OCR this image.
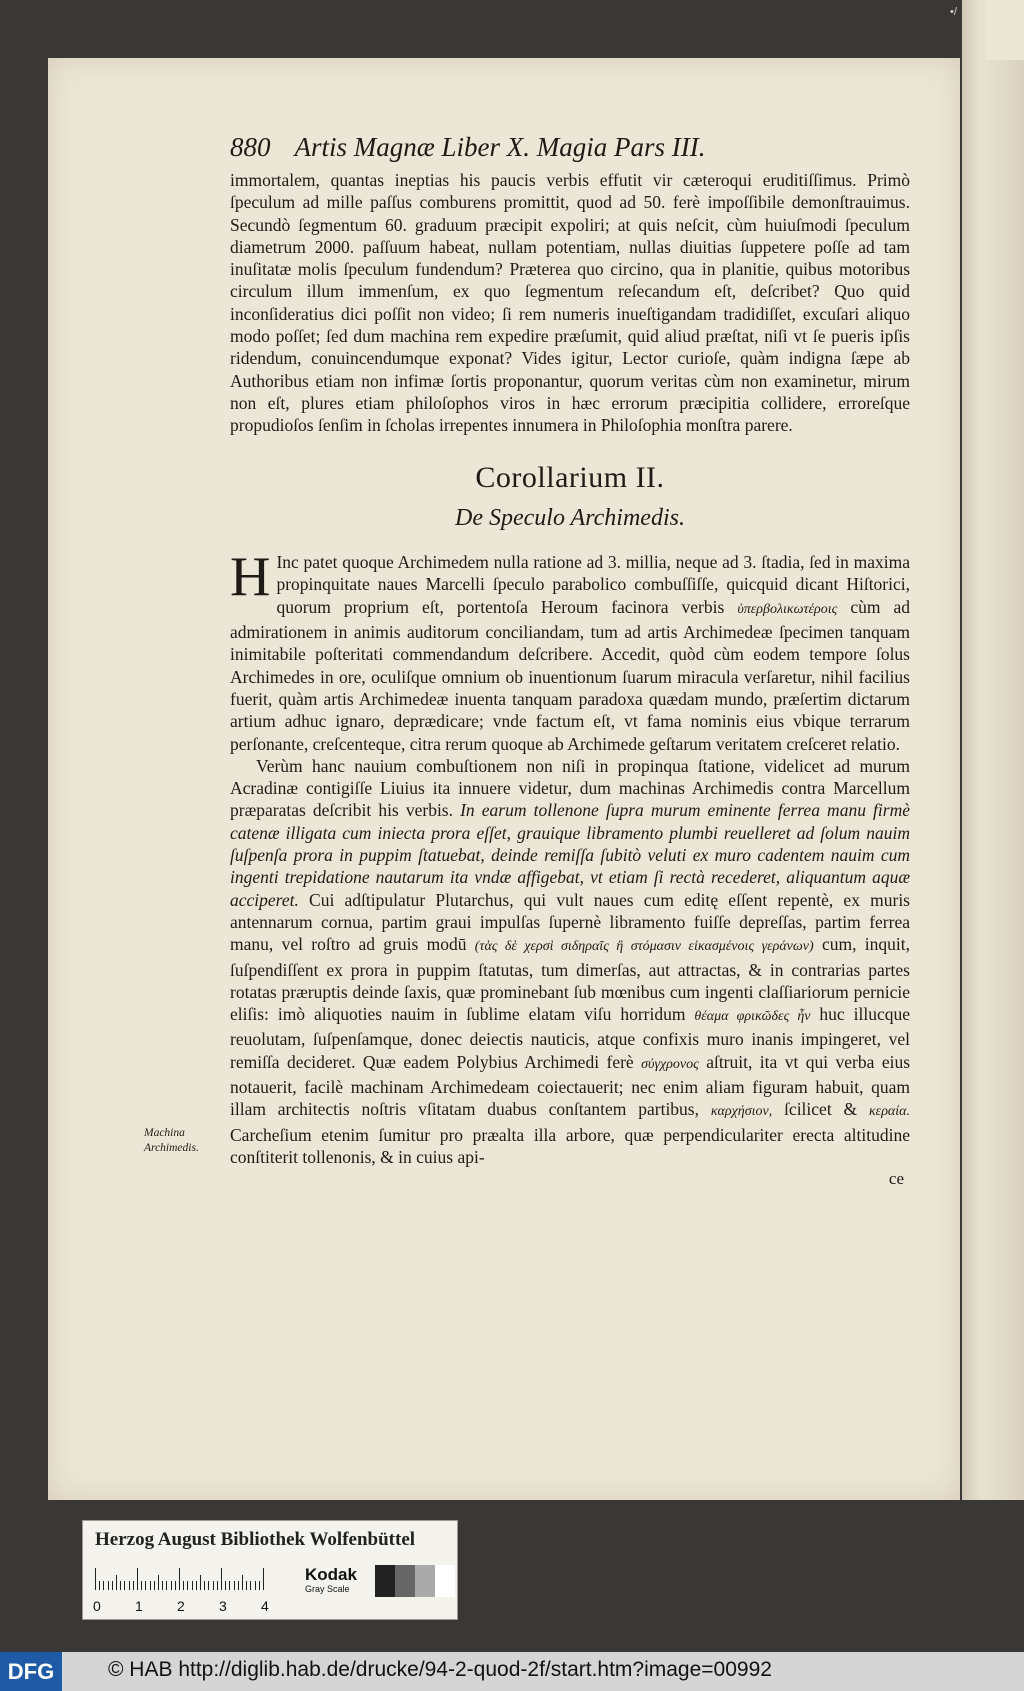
•/
Machina Archimedis.
880 Artis Magnæ Liber X. Magia Pars III.

immortalem, quantas ineptias his paucis verbis effutit vir cæteroqui eruditiſſimus. Primò ſpeculum ad mille paſſus comburens promittit, quod ad 50. ferè impoſſibile demonſtrauimus. Secundò ſegmentum 60. graduum præcipit expoliri; at quis neſcit, cùm huiuſmodi ſpeculum diametrum 2000. paſſuum habeat, nullam potentiam, nullas diuitias ſuppetere poſſe ad tam inuſitatæ molis ſpeculum fundendum? Præterea quo circino, qua in planitie, quibus motoribus circulum illum immenſum, ex quo ſegmentum reſecandum eſt, deſcribet? Quo quid inconſideratius dici poſſit non video; ſi rem numeris inueſtigandam tradidiſſet, excuſari aliquo modo poſſet; ſed dum machina rem expedire præſumit, quid aliud præſtat, niſi vt ſe pueris ipſis ridendum, conuincendumque exponat? Vides igitur, Lector curioſe, quàm indigna ſæpe ab Authoribus etiam non infimæ ſortis proponantur, quorum veritas cùm non examinetur, mirum non eſt, plures etiam philoſophos viros in hæc errorum præcipitia collidere, erroreſque propudioſos ſenſim in ſcholas irrepentes innumera in Philoſophia monſtra parere.

Corollarium II.
De Speculo Archimedis.

H Inc patet quoque Archimedem nulla ratione ad 3. millia, neque ad 3. ſtadia, ſed in maxima propinquitate naues Marcelli ſpeculo parabolico combuſſiſſe, quicquid dicant Hiſtorici, quorum proprium eſt, portentoſa Heroum facinora verbis ὑπερβολικωτέροις cùm ad admirationem in animis auditorum conciliandam, tum ad artis Archimedeæ ſpecimen tanquam inimitabile poſteritati commendandum deſcribere. Accedit, quòd cùm eodem tempore ſolus Archimedes in ore, oculiſque omnium ob inuentionum ſuarum miracula verſaretur, nihil facilius fuerit, quàm artis Archimedeæ inuenta tanquam paradoxa quædam mundo, præſertim dictarum artium adhuc ignaro, deprædicare; vnde factum eſt, vt fama nominis eius vbique terrarum perſonante, creſcenteque, citra rerum quoque ab Archimede geſtarum veritatem creſceret relatio.

Verùm hanc nauium combuſtionem non niſi in propinqua ſtatione, videlicet ad murum Acradinæ contigiſſe Liuius ita innuere videtur, dum machinas Archimedis contra Marcellum præparatas deſcribit his verbis. In earum tollenone ſupra murum eminente ferrea manu firmè catenæ illigata cum iniecta prora eſſet, grauique libramento plumbi reuelleret ad ſolum nauim ſuſpenſa prora in puppim ſtatuebat, deinde remiſſa ſubitò veluti ex muro cadentem nauim cum ingenti trepidatione nautarum ita vndæ affigebat, vt etiam ſi rectà recederet, aliquantum aquæ acciperet. Cui adſtipulatur Plutarchus, qui vult naues cum editę eſſent repentè, ex muris antennarum cornua, partim graui impulſas ſupernè libramento fuiſſe depreſſas, partim ferrea manu, vel roſtro ad gruis modū (τὰς δὲ χερσὶ σιδηραῖς ἢ στόμασιν εἰκασμένοις γεράνων) cum, inquit, ſuſpendiſſent ex prora in puppim ſtatutas, tum dimerſas, aut attractas, & in contrarias partes rotatas præruptis deinde ſaxis, quæ prominebant ſub mœnibus cum ingenti claſſiariorum pernicie eliſis: imò aliquoties nauim in ſublime elatam viſu horridum θέαμα φρικῶδες ἦν huc illucque reuolutam, ſuſpenſamque, donec deiectis nauticis, atque confixis muro inanis impingeret, vel remiſſa decideret. Quæ eadem Polybius Archimedi ferè σύγχρονος aſtruit, ita vt qui verba eius notauerit, facilè machinam Archimedeam coiectauerit; nec enim aliam figuram habuit, quam illam architectis noſtris vſitatam duabus conſtantem partibus, καρχήσιον, ſcilicet & κεραία. Carcheſium etenim ſumitur pro præalta illa arbore, quæ perpendiculariter erecta altitudine conſtiterit tollenonis, & in cuius api-

ce
Herzog August Bibliothek Wolfenbüttel
0 1 2 3 4
Kodak
Gray Scale
DFG	© HAB http://diglib.hab.de/drucke/94-2-quod-2f/start.htm?image=00992
